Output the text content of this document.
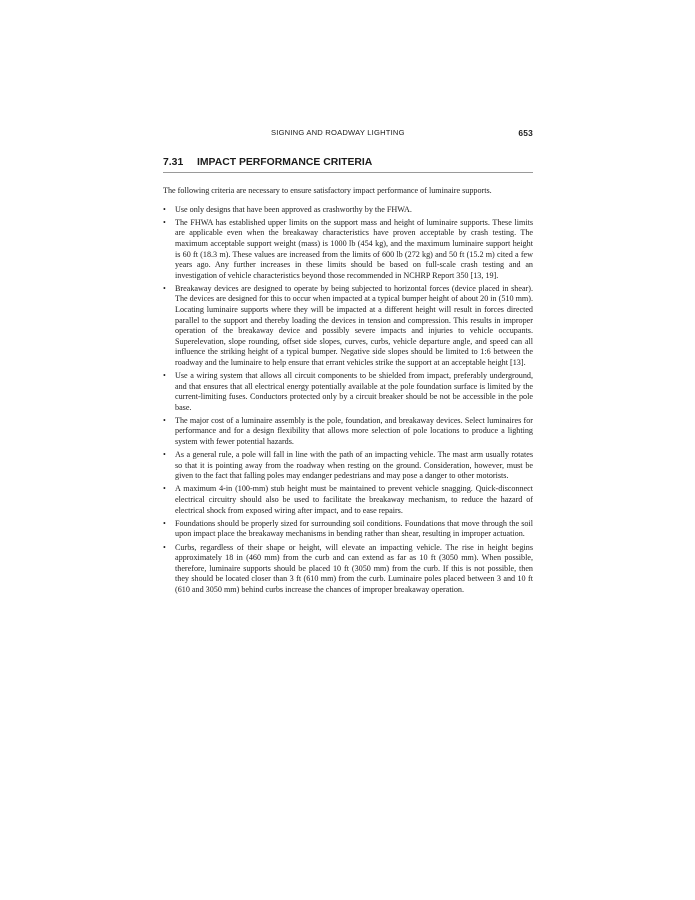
SIGNING AND ROADWAY LIGHTING	653
7.31 IMPACT PERFORMANCE CRITERIA

The following criteria are necessary to ensure satisfactory impact performance of luminaire supports.

• Use only designs that have been approved as crashworthy by the FHWA.
• The FHWA has established upper limits on the support mass and height of luminaire supports. These limits are applicable even when the breakaway characteristics have proven acceptable by crash testing. The maximum acceptable support weight (mass) is 1000 lb (454 kg), and the maximum luminaire support height is 60 ft (18.3 m). These values are increased from the limits of 600 lb (272 kg) and 50 ft (15.2 m) cited a few years ago. Any further increases in these limits should be based on full-scale crash testing and an investigation of vehicle characteristics beyond those recommended in NCHRP Report 350 [13, 19].
• Breakaway devices are designed to operate by being subjected to horizontal forces (device placed in shear). The devices are designed for this to occur when impacted at a typical bumper height of about 20 in (510 mm). Locating luminaire supports where they will be impacted at a different height will result in forces directed parallel to the support and thereby loading the devices in tension and compression. This results in improper operation of the breakaway device and possibly severe impacts and injuries to vehicle occupants. Superelevation, slope rounding, offset side slopes, curves, curbs, vehicle departure angle, and speed can all influence the striking height of a typical bumper. Negative side slopes should be limited to 1:6 between the roadway and the luminaire to help ensure that errant vehicles strike the support at an acceptable height [13].
• Use a wiring system that allows all circuit components to be shielded from impact, preferably underground, and that ensures that all electrical energy potentially available at the pole foundation surface is limited by the current-limiting fuses. Conductors protected only by a circuit breaker should be not be accessible in the pole base.
• The major cost of a luminaire assembly is the pole, foundation, and breakaway devices. Select luminaires for performance and for a design flexibility that allows more selection of pole locations to produce a lighting system with fewer potential hazards.
• As a general rule, a pole will fall in line with the path of an impacting vehicle. The mast arm usually rotates so that it is pointing away from the roadway when resting on the ground. Consideration, however, must be given to the fact that falling poles may endanger pedestrians and may pose a danger to other motorists.
• A maximum 4-in (100-mm) stub height must be maintained to prevent vehicle snagging. Quick-disconnect electrical circuitry should also be used to facilitate the breakaway mechanism, to reduce the hazard of electrical shock from exposed wiring after impact, and to ease repairs.
• Foundations should be properly sized for surrounding soil conditions. Foundations that move through the soil upon impact place the breakaway mechanisms in bending rather than shear, resulting in improper actuation.
• Curbs, regardless of their shape or height, will elevate an impacting vehicle. The rise in height begins approximately 18 in (460 mm) from the curb and can extend as far as 10 ft (3050 mm). When possible, therefore, luminaire supports should be placed 10 ft (3050 mm) from the curb. If this is not possible, then they should be located closer than 3 ft (610 mm) from the curb. Luminaire poles placed between 3 and 10 ft (610 and 3050 mm) behind curbs increase the chances of improper breakaway operation.
